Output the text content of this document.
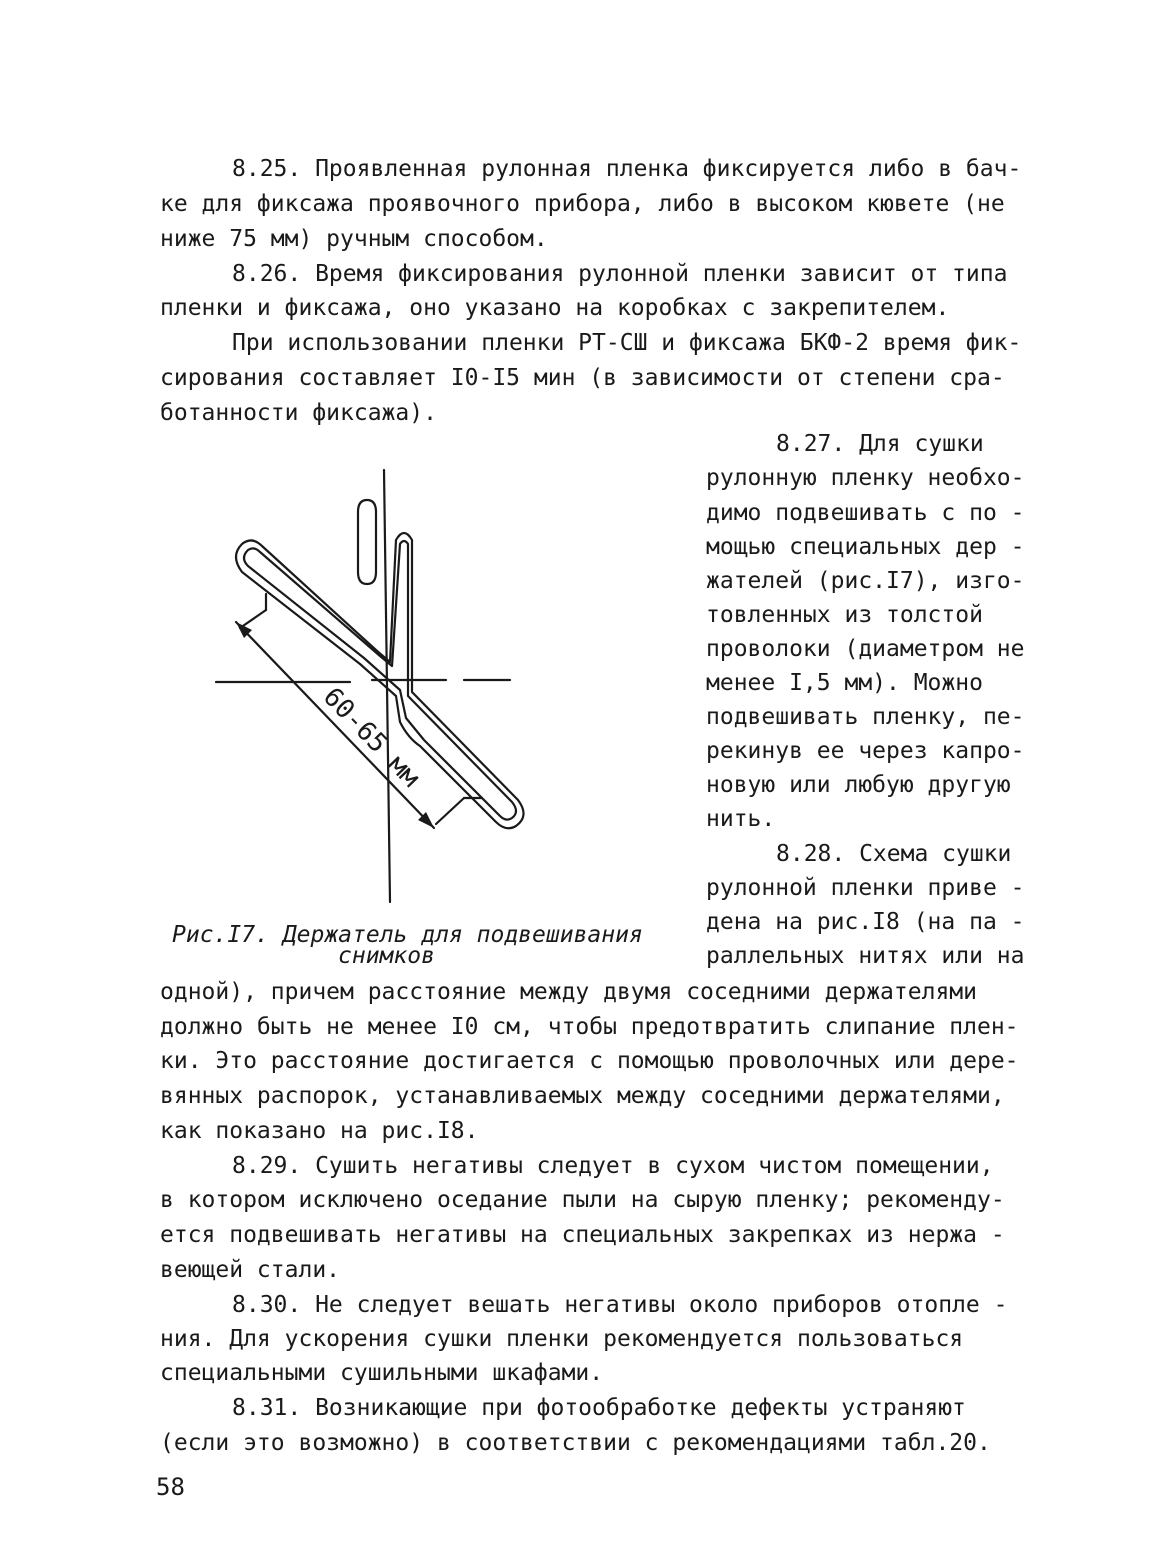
8.25. Проявленная рулонная пленка фиксируется либо в бач-
ке для фиксажа проявочного прибора, либо в высоком кювете (не
ниже 75 мм) ручным способом.
8.26. Время фиксирования рулонной пленки зависит от типа
пленки и фиксажа, оно указано на коробках с закрепителем.
При использовании пленки РТ-СШ и фиксажа БКФ-2 время фик-
сирования составляет I0-I5 мин (в зависимости от степени сра-
ботанности фиксажа).
8.27. Для сушки
рулонную пленку необхо-
димо подвешивать с по -
мощью специальных дер -
жателей (рис.I7), изго-
товленных из толстой
проволоки (диаметром не
менее I,5 мм). Можно
подвешивать пленку, пе-
рекинув ее через капро-
новую или любую другую
нить.
8.28. Схема сушки
рулонной пленки приве -
дена на рис.I8 (на па -
раллельных нитях или на
60-65 мм
Рис.I7. Держатель для подвешивания
снимков
одной), причем расстояние между двумя соседними держателями
должно быть не менее I0 см, чтобы предотвратить слипание плен-
ки. Это расстояние достигается с помощью проволочных или дере-
вянных распорок, устанавливаемых между соседними держателями,
как показано на рис.I8.
8.29. Сушить негативы следует в сухом чистом помещении,
в котором исключено оседание пыли на сырую пленку; рекоменду-
ется подвешивать негативы на специальных закрепках из нержа -
веющей стали.
8.30. Не следует вешать негативы около приборов отопле -
ния. Для ускорения сушки пленки рекомендуется пользоваться
специальными сушильными шкафами.
8.31. Возникающие при фотообработке дефекты устраняют
(если это возможно) в соответствии с рекомендациями табл.20.
58
